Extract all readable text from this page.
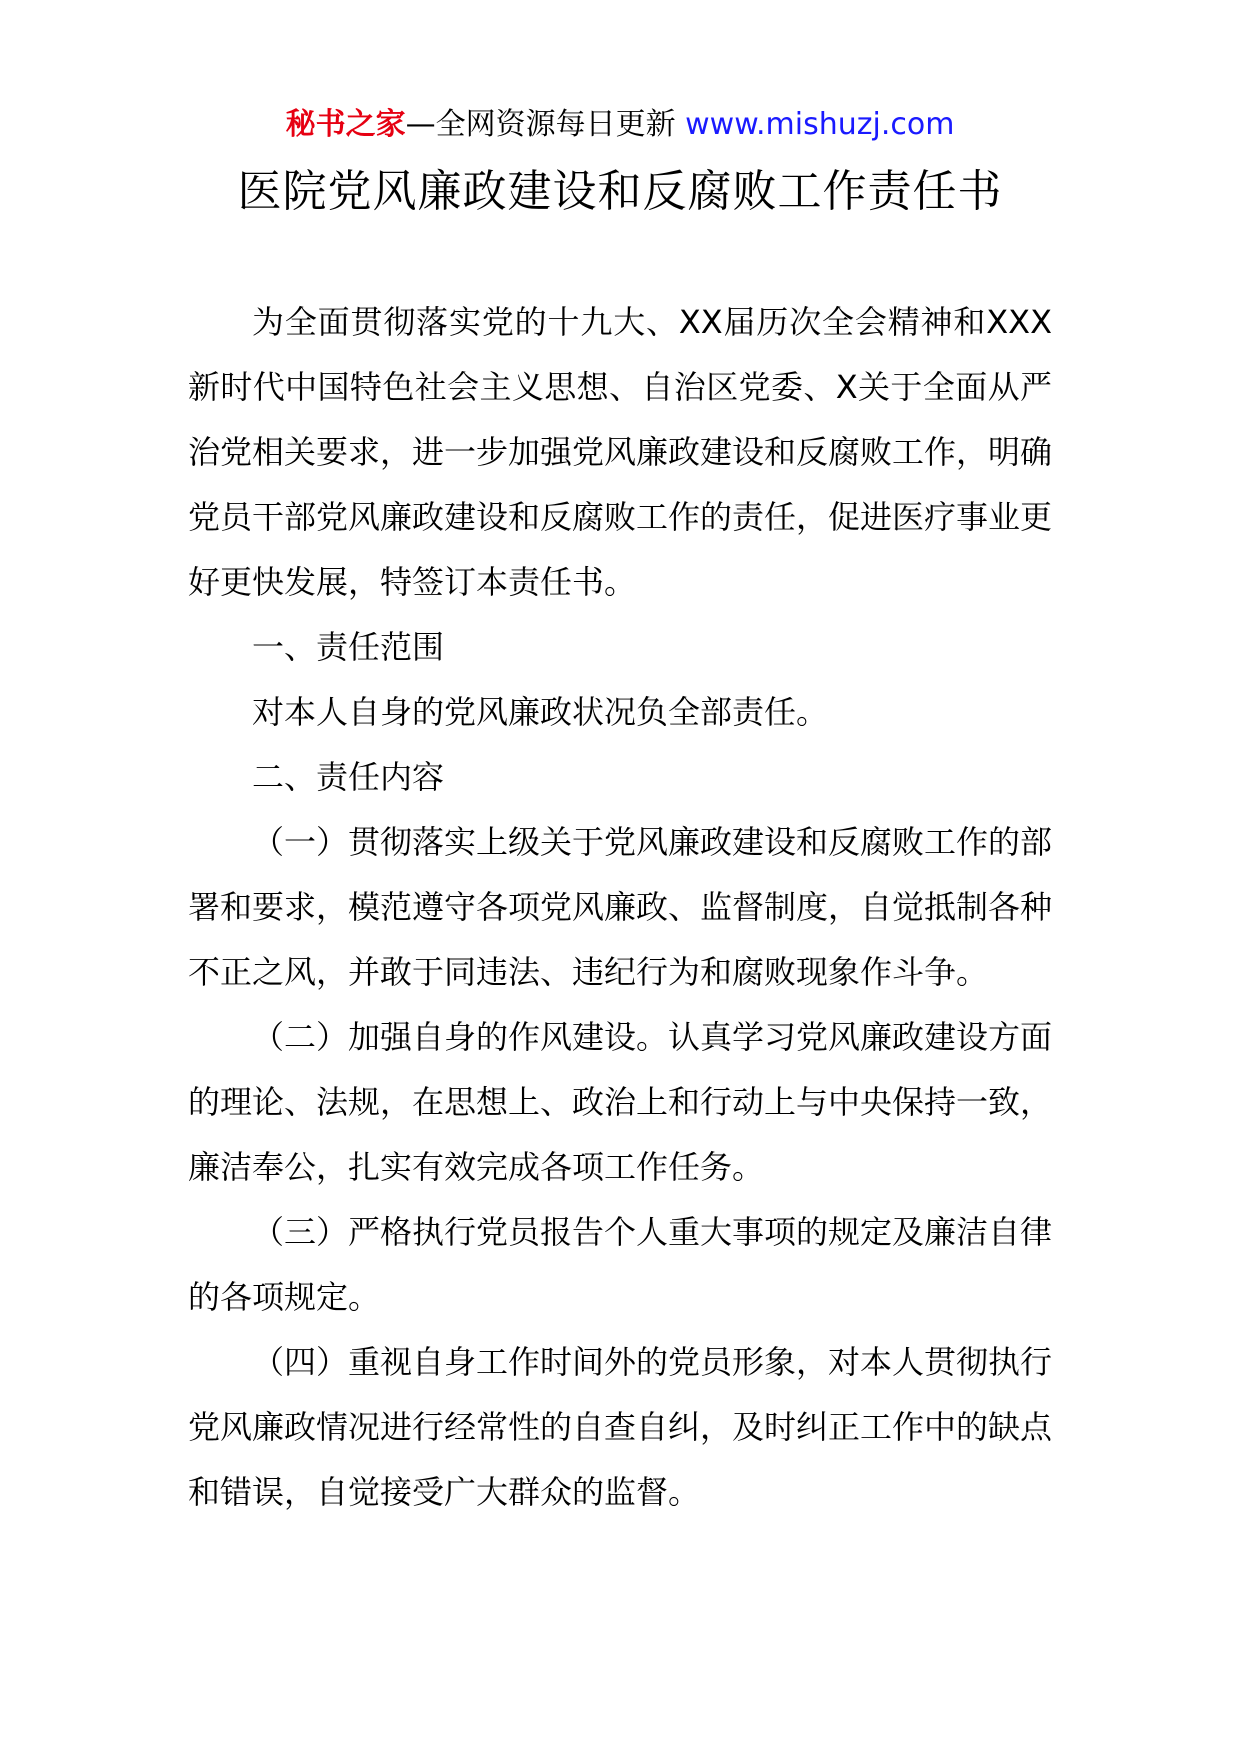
秘书之家—全网资源每日更新 www.mishuzj.com
医院党风廉政建设和反腐败工作责任书

为全面贯彻落实党的十九大、XX届历次全会精神和XXX新时代中国特色社会主义思想、自治区党委、X关于全面从严治党相关要求，进一步加强党风廉政建设和反腐败工作，明确党员干部党风廉政建设和反腐败工作的责任，促进医疗事业更好更快发展，特签订本责任书。

一、责任范围

对本人自身的党风廉政状况负全部责任。

二、责任内容

（一）贯彻落实上级关于党风廉政建设和反腐败工作的部署和要求，模范遵守各项党风廉政、监督制度，自觉抵制各种不正之风，并敢于同违法、违纪行为和腐败现象作斗争。

（二）加强自身的作风建设。认真学习党风廉政建设方面的理论、法规，在思想上、政治上和行动上与中央保持一致，廉洁奉公，扎实有效完成各项工作任务。

（三）严格执行党员报告个人重大事项的规定及廉洁自律的各项规定。

（四）重视自身工作时间外的党员形象，对本人贯彻执行党风廉政情况进行经常性的自查自纠，及时纠正工作中的缺点和错误，自觉接受广大群众的监督。
